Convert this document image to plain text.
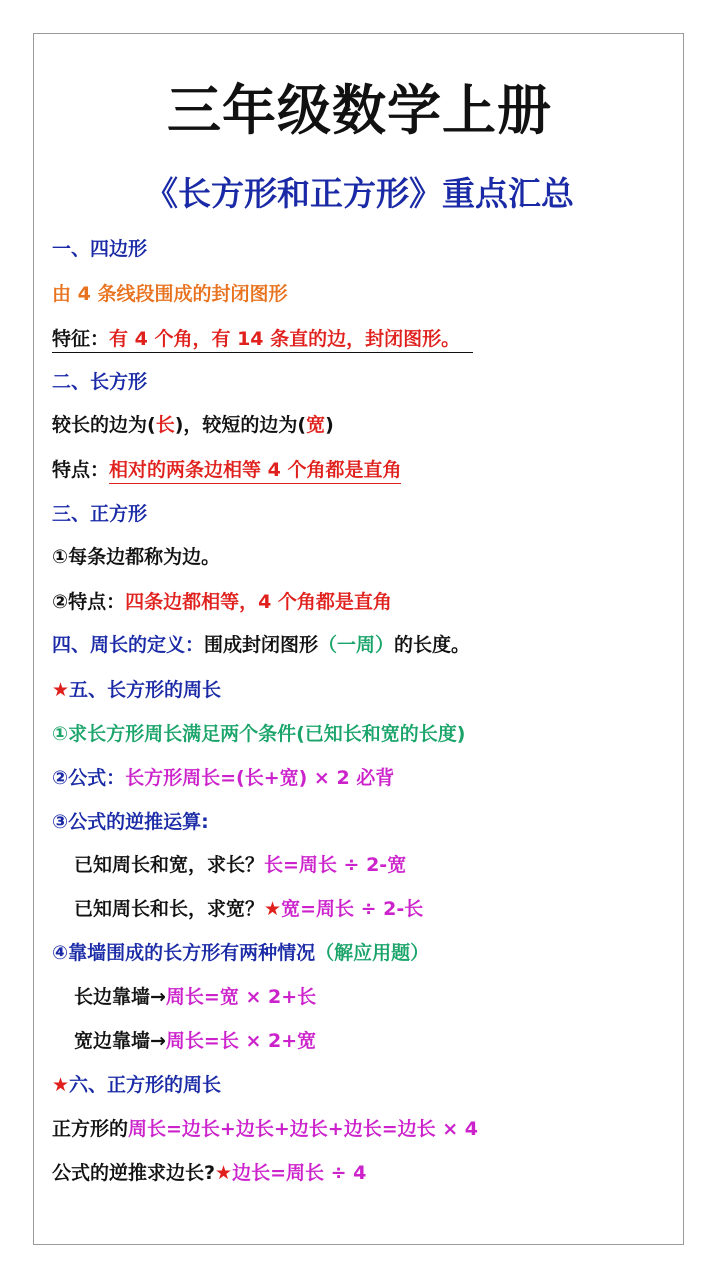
三年级数学上册
《长方形和正方形》重点汇总
一、四边形
由 4 条线段围成的封闭图形
特征：有 4 个角，有 14 条直的边，封闭图形。
二、长方形
较长的边为(长)，较短的边为(宽)
特点：相对的两条边相等 4 个角都是直角
三、正方形
①每条边都称为边。
②特点：四条边都相等，4 个角都是直角
四、周长的定义：围成封闭图形（一周）的长度。
★五、长方形的周长
①求长方形周长满足两个条件(已知长和宽的长度)
②公式：长方形周长=(长+宽) × 2 必背
③公式的逆推运算:
已知周长和宽，求长？长=周长 ÷ 2-宽
已知周长和长，求宽？★宽=周长 ÷ 2-长
④靠墙围成的长方形有两种情况（解应用题）
长边靠墙→周长=宽 × 2+长
宽边靠墙→周长=长 × 2+宽
★六、正方形的周长
正方形的周长=边长+边长+边长+边长=边长 × 4
公式的逆推求边长?★边长=周长 ÷ 4
